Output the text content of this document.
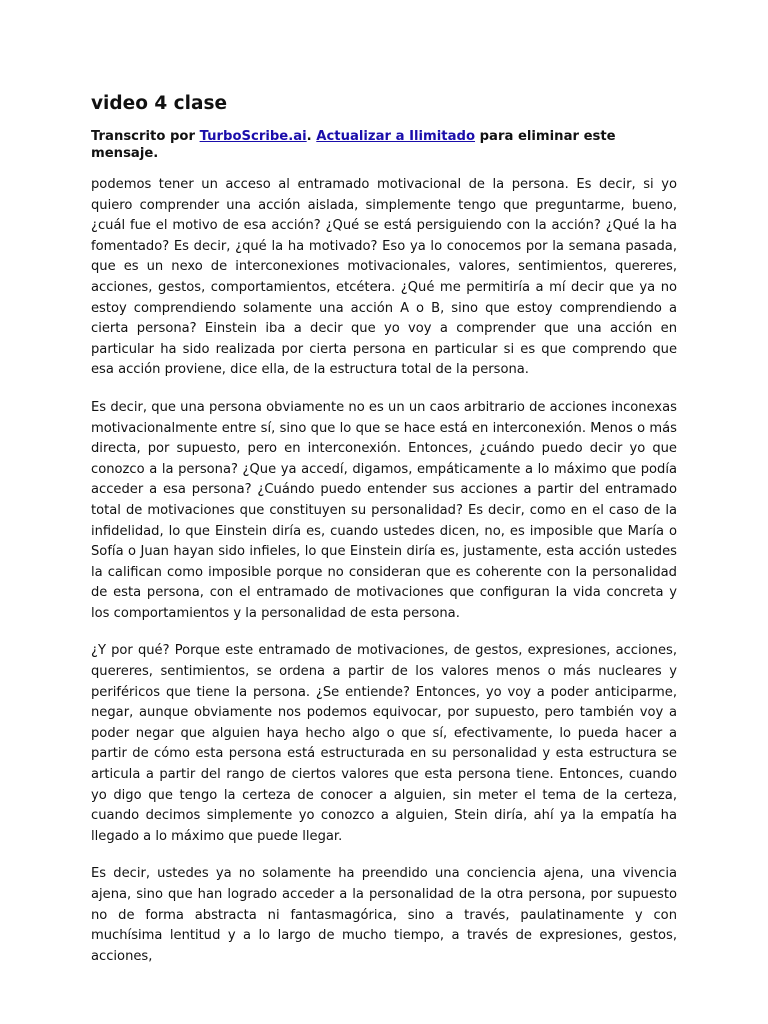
video 4 clase

Transcrito por TurboScribe.ai. Actualizar a Ilimitado para eliminar este mensaje.

podemos tener un acceso al entramado motivacional de la persona. Es decir, si yo quiero comprender una acción aislada, simplemente tengo que preguntarme, bueno, ¿cuál fue el motivo de esa acción? ¿Qué se está persiguiendo con la acción? ¿Qué la ha fomentado? Es decir, ¿qué la ha motivado? Eso ya lo conocemos por la semana pasada, que es un nexo de interconexiones motivacionales, valores, sentimientos, quereres, acciones, gestos, comportamientos, etcétera. ¿Qué me permitiría a mí decir que ya no estoy comprendiendo solamente una acción A o B, sino que estoy comprendiendo a cierta persona? Einstein iba a decir que yo voy a comprender que una acción en particular ha sido realizada por cierta persona en particular si es que comprendo que esa acción proviene, dice ella, de la estructura total de la persona.

Es decir, que una persona obviamente no es un un caos arbitrario de acciones inconexas motivacionalmente entre sí, sino que lo que se hace está en interconexión. Menos o más directa, por supuesto, pero en interconexión. Entonces, ¿cuándo puedo decir yo que conozco a la persona? ¿Que ya accedí, digamos, empáticamente a lo máximo que podía acceder a esa persona? ¿Cuándo puedo entender sus acciones a partir del entramado total de motivaciones que constituyen su personalidad? Es decir, como en el caso de la infidelidad, lo que Einstein diría es, cuando ustedes dicen, no, es imposible que María o Sofía o Juan hayan sido infieles, lo que Einstein diría es, justamente, esta acción ustedes la califican como imposible porque no consideran que es coherente con la personalidad de esta persona, con el entramado de motivaciones que configuran la vida concreta y los comportamientos y la personalidad de esta persona.

¿Y por qué? Porque este entramado de motivaciones, de gestos, expresiones, acciones, quereres, sentimientos, se ordena a partir de los valores menos o más nucleares y periféricos que tiene la persona. ¿Se entiende? Entonces, yo voy a poder anticiparme, negar, aunque obviamente nos podemos equivocar, por supuesto, pero también voy a poder negar que alguien haya hecho algo o que sí, efectivamente, lo pueda hacer a partir de cómo esta persona está estructurada en su personalidad y esta estructura se articula a partir del rango de ciertos valores que esta persona tiene. Entonces, cuando yo digo que tengo la certeza de conocer a alguien, sin meter el tema de la certeza, cuando decimos simplemente yo conozco a alguien, Stein diría, ahí ya la empatía ha llegado a lo máximo que puede llegar.

Es decir, ustedes ya no solamente ha preendido una conciencia ajena, una vivencia ajena, sino que han logrado acceder a la personalidad de la otra persona, por supuesto no de forma abstracta ni fantasmagórica, sino a través, paulatinamente y con muchísima lentitud y a lo largo de mucho tiempo, a través de expresiones, gestos, acciones,
